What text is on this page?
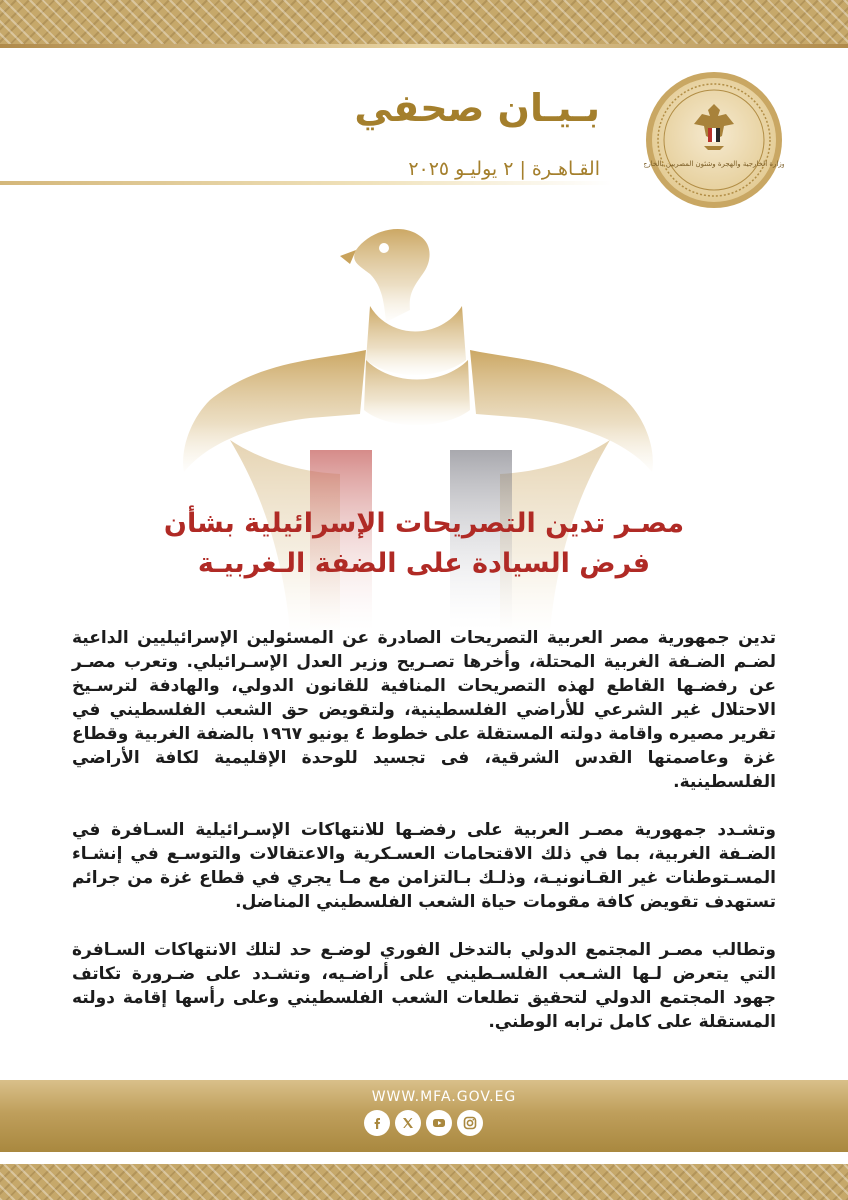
بـيـان صحفي
القـاهـرة | ٢ يوليـو ٢٠٢٥	وزارة الخارجية والهجرة وشئون المصريين بالخارج
مصـر تدين التصريحات الإسرائيلية بشأن
فرض السيادة على الضفة الـغربيـة

تدين جمهورية مصر العربية التصريحات الصادرة عن المسئولين الإسرائيليين الداعية لضـم الضـفة الغربية المحتلة، وأخرها تصـريح وزير العدل الإسـرائيلي. وتعرب مصـر عن رفضـها القاطع لهذه التصريحات المنافية للقانون الدولي، والهادفة لترسـيخ الاحتلال غير الشرعي للأراضي الفلسطينية، ولتقويض حق الشعب الفلسطيني في تقرير مصيره واقامة دولته المستقلة على خطوط ٤ يونيو ١٩٦٧ بالضفة الغربية وقطاع غزة وعاصمتها القدس الشرقية، فى تجسيد للوحدة الإقليمية لكافة الأراضي الفلسطينية.

وتشـدد جمهورية مصـر العربية على رفضـها للانتهاكات الإسـرائيلية السـافرة في الضـفة الغربية، بما في ذلك الاقتحامات العسـكرية والاعتقالات والتوسـع في إنشـاء المسـتوطنات غير القـانونيـة، وذلـك بـالتزامن مع مـا يجري في قطاع غزة من جرائم تستهدف تقويض كافة مقومات حياة الشعب الفلسطيني المناضل.

وتطالب مصـر المجتمع الدولي بالتدخل الفوري لوضـع حد لتلك الانتهاكات السـافرة التي يتعرض لـها الشـعب الفلسـطيني على أراضـيه، وتشـدد على ضـرورة تكاتف جهود المجتمع الدولي لتحقيق تطلعات الشعب الفلسطيني وعلى رأسها إقامة دولته المستقلة على كامل ترابه الوطني.

WWW.MFA.GOV.EG
